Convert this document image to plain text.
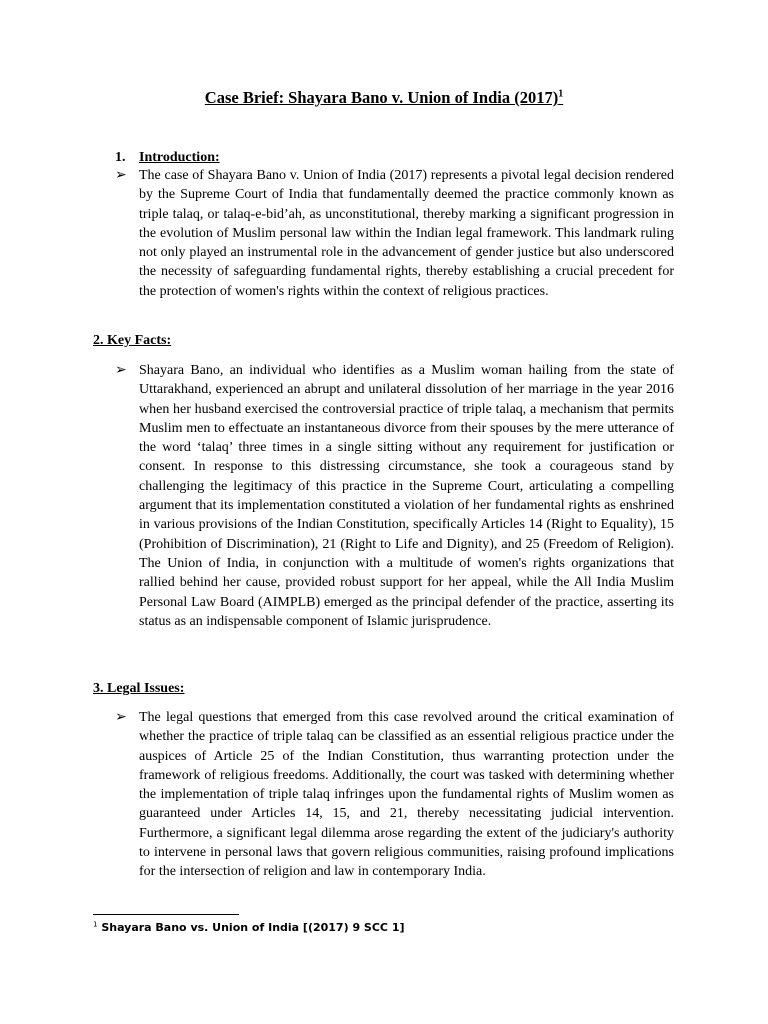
Case Brief: Shayara Bano v. Union of India $(2017)^1$
1. Introduction:
➢ The case of Shayara Bano v. Union of India (2017) represents a pivotal legal decision rendered by the Supreme Court of India that fundamentally deemed the practice commonly known as triple talaq, or talaq-e-bid’ah, as unconstitutional, thereby marking a significant progression in the evolution of Muslim personal law within the Indian legal framework. This landmark ruling not only played an instrumental role in the advancement of gender justice but also underscored the necessity of safeguarding fundamental rights, thereby establishing a crucial precedent for the protection of women's rights within the context of religious practices.

2. Key Facts:
➢ Shayara Bano, an individual who identifies as a Muslim woman hailing from the state of Uttarakhand, experienced an abrupt and unilateral dissolution of her marriage in the year 2016 when her husband exercised the controversial practice of triple talaq, a mechanism that permits Muslim men to effectuate an instantaneous divorce from their spouses by the mere utterance of the word ‘talaq’ three times in a single sitting without any requirement for justification or consent. In response to this distressing circumstance, she took a courageous stand by challenging the legitimacy of this practice in the Supreme Court, articulating a compelling argument that its implementation constituted a violation of her fundamental rights as enshrined in various provisions of the Indian Constitution, specifically Articles 14 (Right to Equality), 15 (Prohibition of Discrimination), 21 (Right to Life and Dignity), and 25 (Freedom of Religion). The Union of India, in conjunction with a multitude of women's rights organizations that rallied behind her cause, provided robust support for her appeal, while the All India Muslim Personal Law Board (AIMPLB) emerged as the principal defender of the practice, asserting its status as an indispensable component of Islamic jurisprudence.

3. Legal Issues:
➢ The legal questions that emerged from this case revolved around the critical examination of whether the practice of triple talaq can be classified as an essential religious practice under the auspices of Article 25 of the Indian Constitution, thus warranting protection under the framework of religious freedoms. Additionally, the court was tasked with determining whether the implementation of triple talaq infringes upon the fundamental rights of Muslim women as guaranteed under Articles 14, 15, and 21, thereby necessitating judicial intervention. Furthermore, a significant legal dilemma arose regarding the extent of the judiciary's authority to intervene in personal laws that govern religious communities, raising profound implications for the intersection of religion and law in contemporary India.

$^1$ Shayara Bano vs. Union of India [(2017) 9 SCC 1]
